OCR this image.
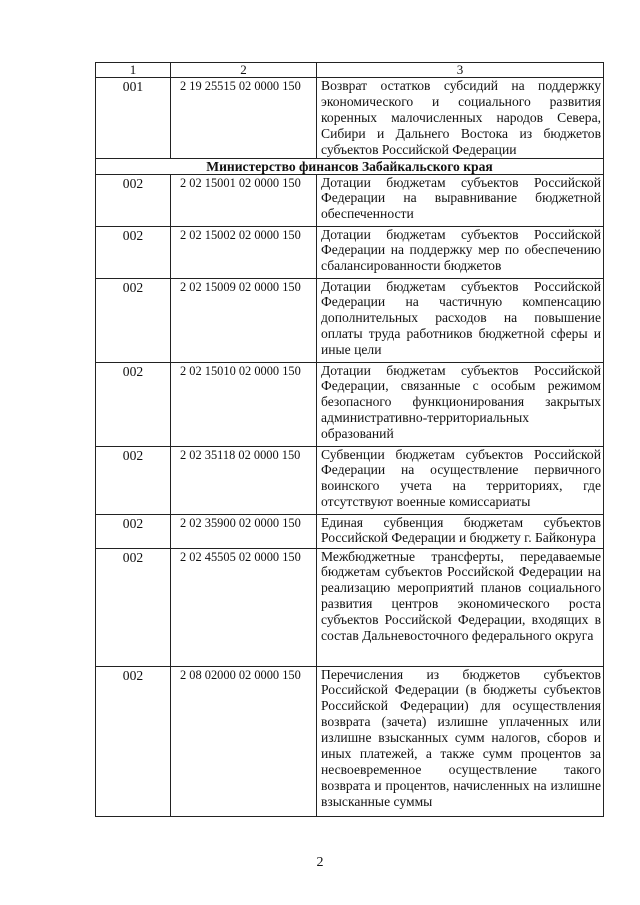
1	2	3
001	2 19 25515 02 0000 150	Возврат остатков субсидий на поддержку экономического и социального развития коренных малочисленных народов Севера, Сибири и Дальнего Востока из бюджетов субъектов Российской Федерации
Министерство финансов Забайкальского края		
002	2 02 15001 02 0000 150	Дотации бюджетам субъектов Российской Федерации на выравнивание бюджетной обеспеченности
002	2 02 15002 02 0000 150	Дотации бюджетам субъектов Российской Федерации на поддержку мер по обеспечению сбалансированности бюджетов
002	2 02 15009 02 0000 150	Дотации бюджетам субъектов Российской Федерации на частичную компенсацию дополнительных расходов на повышение оплаты труда работников бюджетной сферы и иные цели
002	2 02 15010 02 0000 150	Дотации бюджетам субъектов Российской Федерации, связанные с особым режимом безопасного функционирования закрытых административно-территориальных образований
002	2 02 35118 02 0000 150	Субвенции бюджетам субъектов Российской Федерации на осуществление первичного воинского учета на территориях, где отсутствуют военные комиссариаты
002	2 02 35900 02 0000 150	Единая субвенция бюджетам субъектов Российской Федерации и бюджету г. Байконура
002	2 02 45505 02 0000 150	Межбюджетные трансферты, передаваемые бюджетам субъектов Российской Федерации на реализацию мероприятий планов социального развития центров экономического роста субъектов Российской Федерации, входящих в состав Дальневосточного федерального округа
002	2 08 02000 02 0000 150	Перечисления из бюджетов субъектов Российской Федерации (в бюджеты субъектов Российской Федерации) для осуществления возврата (зачета) излишне уплаченных или излишне взысканных сумм налогов, сборов и иных платежей, а также сумм процентов за несвоевременное осуществление такого возврата и процентов, начисленных на излишне взысканные суммы
2
